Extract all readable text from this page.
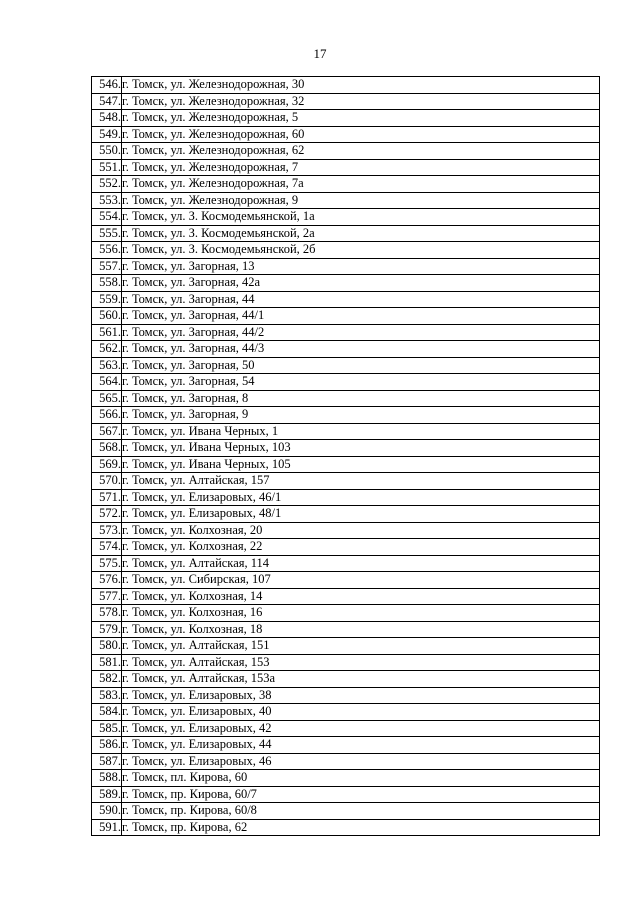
17
546.	г. Томск, ул. Железнодорожная, 30
547.	г. Томск, ул. Железнодорожная, 32
548.	г. Томск, ул. Железнодорожная, 5
549.	г. Томск, ул. Железнодорожная, 60
550.	г. Томск, ул. Железнодорожная, 62
551.	г. Томск, ул. Железнодорожная, 7
552.	г. Томск, ул. Железнодорожная, 7а
553.	г. Томск, ул. Железнодорожная, 9
554.	г. Томск, ул. З. Космодемьянской, 1а
555.	г. Томск, ул. З. Космодемьянской, 2а
556.	г. Томск, ул. З. Космодемьянской, 2б
557.	г. Томск, ул. Загорная, 13
558.	г. Томск, ул. Загорная, 42а
559.	г. Томск, ул. Загорная, 44
560.	г. Томск, ул. Загорная, 44/1
561.	г. Томск, ул. Загорная, 44/2
562.	г. Томск, ул. Загорная, 44/3
563.	г. Томск, ул. Загорная, 50
564.	г. Томск, ул. Загорная, 54
565.	г. Томск, ул. Загорная, 8
566.	г. Томск, ул. Загорная, 9
567.	г. Томск, ул. Ивана Черных, 1
568.	г. Томск, ул. Ивана Черных, 103
569.	г. Томск, ул. Ивана Черных, 105
570.	г. Томск, ул. Алтайская, 157
571.	г. Томск, ул. Елизаровых, 46/1
572.	г. Томск, ул. Елизаровых, 48/1
573.	г. Томск, ул. Колхозная, 20
574.	г. Томск, ул. Колхозная, 22
575.	г. Томск, ул. Алтайская, 114
576.	г. Томск, ул. Сибирская, 107
577.	г. Томск, ул. Колхозная, 14
578.	г. Томск, ул. Колхозная, 16
579.	г. Томск, ул. Колхозная, 18
580.	г. Томск, ул. Алтайская, 151
581.	г. Томск, ул. Алтайская, 153
582.	г. Томск, ул. Алтайская, 153а
583.	г. Томск, ул. Елизаровых, 38
584.	г. Томск, ул. Елизаровых, 40
585.	г. Томск, ул. Елизаровых, 42
586.	г. Томск, ул. Елизаровых, 44
587.	г. Томск, ул. Елизаровых, 46
588.	г. Томск, пл. Кирова, 60
589.	г. Томск, пр. Кирова, 60/7
590.	г. Томск, пр. Кирова, 60/8
591.	г. Томск, пр. Кирова, 62
